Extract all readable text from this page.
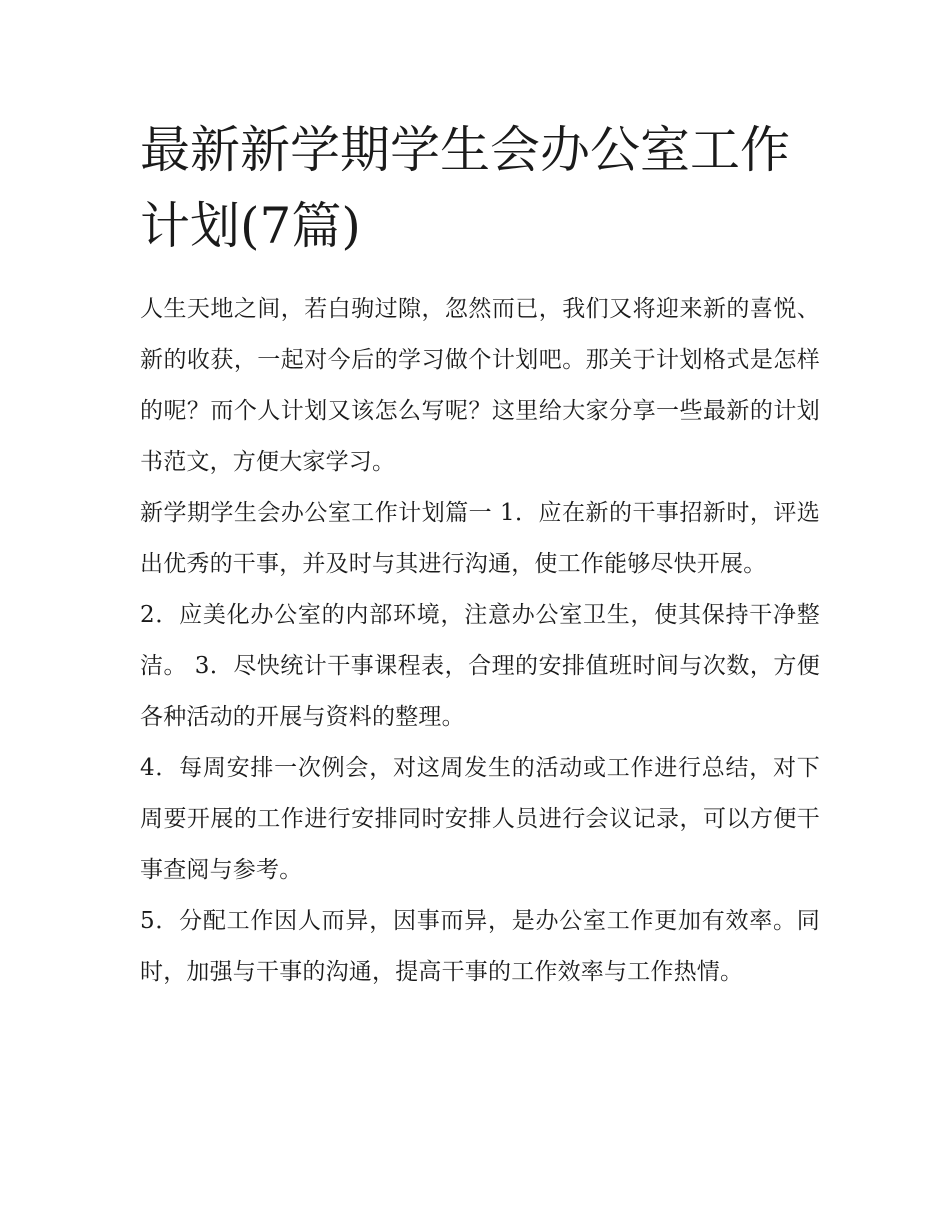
最新新学期学生会办公室工作计划(7篇)

人生天地之间，若白驹过隙，忽然而已，我们又将迎来新的喜悦、新的收获，一起对今后的学习做个计划吧。那关于计划格式是怎样的呢？而个人计划又该怎么写呢？这里给大家分享一些最新的计划书范文，方便大家学习。

新学期学生会办公室工作计划篇一 1．应在新的干事招新时，评选出优秀的干事，并及时与其进行沟通，使工作能够尽快开展。

2．应美化办公室的内部环境，注意办公室卫生，使其保持干净整洁。 3．尽快统计干事课程表，合理的安排值班时间与次数，方便各种活动的开展与资料的整理。

4．每周安排一次例会，对这周发生的活动或工作进行总结，对下周要开展的工作进行安排同时安排人员进行会议记录，可以方便干事查阅与参考。

5．分配工作因人而异，因事而异，是办公室工作更加有效率。同时，加强与干事的沟通，提高干事的工作效率与工作热情。
